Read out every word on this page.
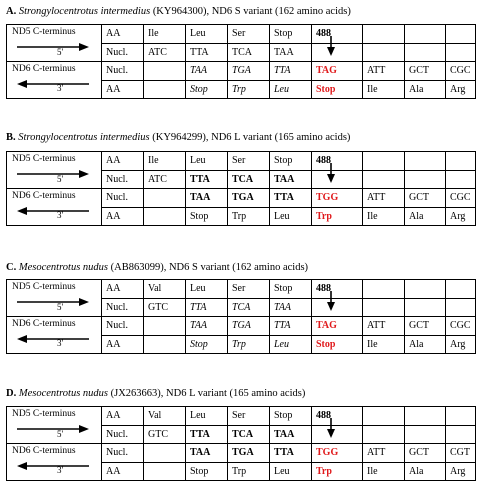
A. Strongylocentrotus intermedius (KY964300), ND6 S variant (162 amino acids)
ND5 C-terminus
5'	AA	Ile	Leu	Ser	Stop	488			
	Nucl.	ATC	TTA	TCA	TAA	

ND6 C-terminus
3'	Nucl.		TAA	TGA	TTA	TAG	ATT	GCT	CGC
	AA		Stop	Trp	Leu	Stop	Ile	Ala	Arg
B. Strongylocentrotus intermedius (KY964299), ND6 L variant (165 amino acids)
ND5 C-terminus
5'	AA	Ile	Leu	Ser	Stop	488			
	Nucl.	ATC	TTA	TCA	TAA	

ND6 C-terminus
3'	Nucl.		TAA	TGA	TTA	TGG	ATT	GCT	CGC
	AA		Stop	Trp	Leu	Trp	Ile	Ala	Arg
C. Mesocentrotus nudus (AB863099), ND6 S variant (162 amino acids)
ND5 C-terminus
5'	AA	Val	Leu	Ser	Stop	488			
	Nucl.	GTC	TTA	TCA	TAA	

ND6 C-terminus
3'	Nucl.		TAA	TGA	TTA	TAG	ATT	GCT	CGC
	AA		Stop	Trp	Leu	Stop	Ile	Ala	Arg
D. Mesocentrotus nudus (JX263663), ND6 L variant (165 amino acids)
ND5 C-terminus
5'	AA	Val	Leu	Ser	Stop	488			
	Nucl.	GTC	TTA	TCA	TAA	

ND6 C-terminus
3'	Nucl.		TAA	TGA	TTA	TGG	ATT	GCT	CGT
	AA		Stop	Trp	Leu	Trp	Ile	Ala	Arg
